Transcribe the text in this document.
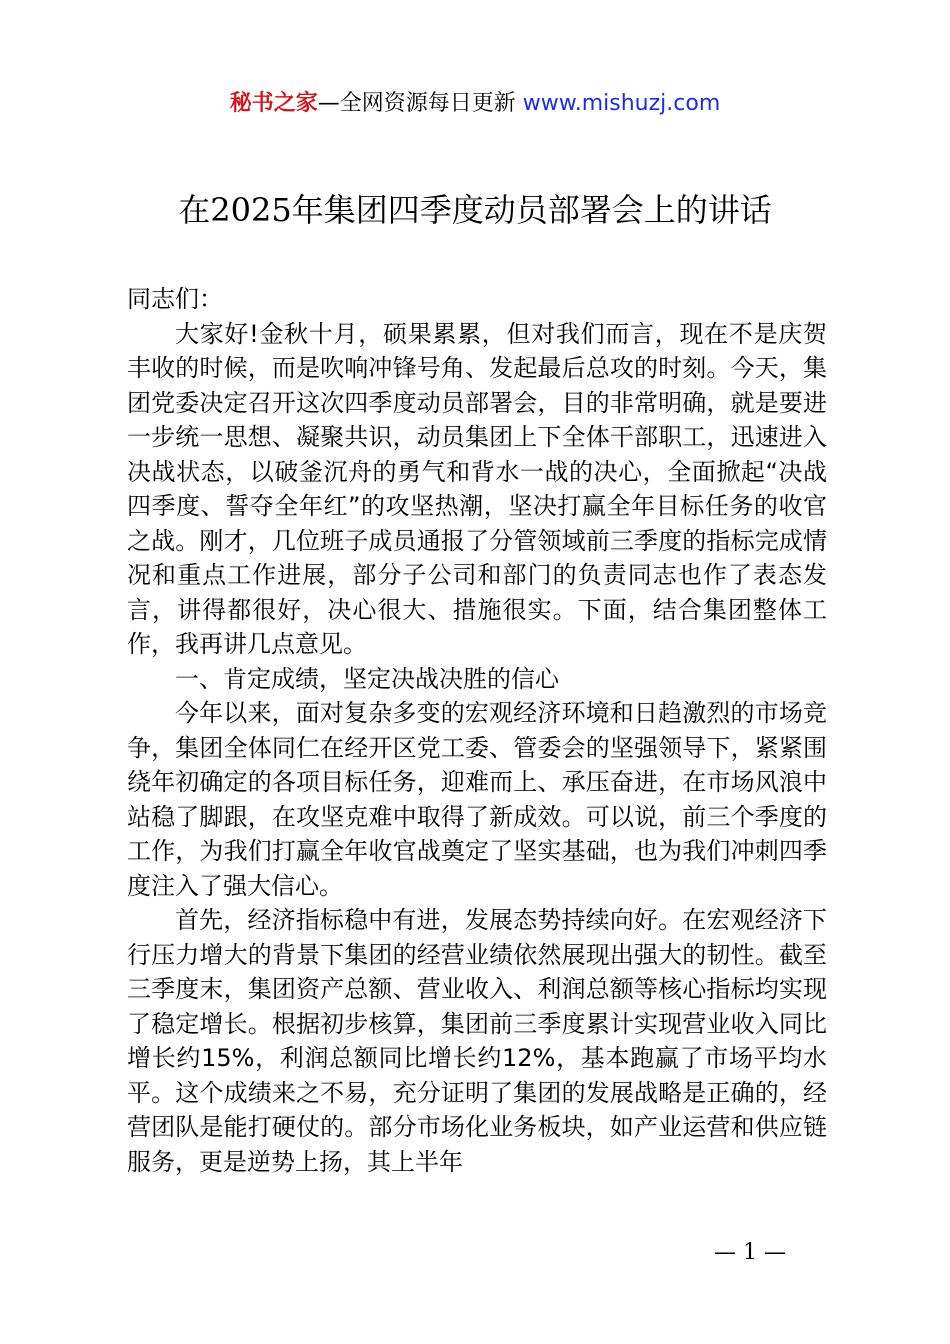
秘书之家—全网资源每日更新 www.mishuzj.com
在2025年集团四季度动员部署会上的讲话

同志们：

大家好!金秋十月，硕果累累，但对我们而言，现在不是庆贺丰收的时候，而是吹响冲锋号角、发起最后总攻的时刻。今天，集团党委决定召开这次四季度动员部署会，目的非常明确，就是要进一步统一思想、凝聚共识，动员集团上下全体干部职工，迅速进入决战状态，以破釜沉舟的勇气和背水一战的决心，全面掀起“决战四季度、誓夺全年红”的攻坚热潮，坚决打赢全年目标任务的收官之战。刚才，几位班子成员通报了分管领域前三季度的指标完成情况和重点工作进展，部分子公司和部门的负责同志也作了表态发言，讲得都很好，决心很大、措施很实。下面，结合集团整体工作，我再讲几点意见。

一、肯定成绩，坚定决战决胜的信心

今年以来，面对复杂多变的宏观经济环境和日趋激烈的市场竞争，集团全体同仁在经开区党工委、管委会的坚强领导下，紧紧围绕年初确定的各项目标任务，迎难而上、承压奋进，在市场风浪中站稳了脚跟，在攻坚克难中取得了新成效。可以说，前三个季度的工作，为我们打赢全年收官战奠定了坚实基础，也为我们冲刺四季度注入了强大信心。

首先，经济指标稳中有进，发展态势持续向好。在宏观经济下行压力增大的背景下集团的经营业绩依然展现出强大的韧性。截至三季度末，集团资产总额、营业收入、利润总额等核心指标均实现了稳定增长。根据初步核算，集团前三季度累计实现营业收入同比增长约15%，利润总额同比增长约12%，基本跑赢了市场平均水平。这个成绩来之不易，充分证明了集团的发展战略是正确的，经营团队是能打硬仗的。部分市场化业务板块，如产业运营和供应链服务，更是逆势上扬，其上半年

— 1 —
